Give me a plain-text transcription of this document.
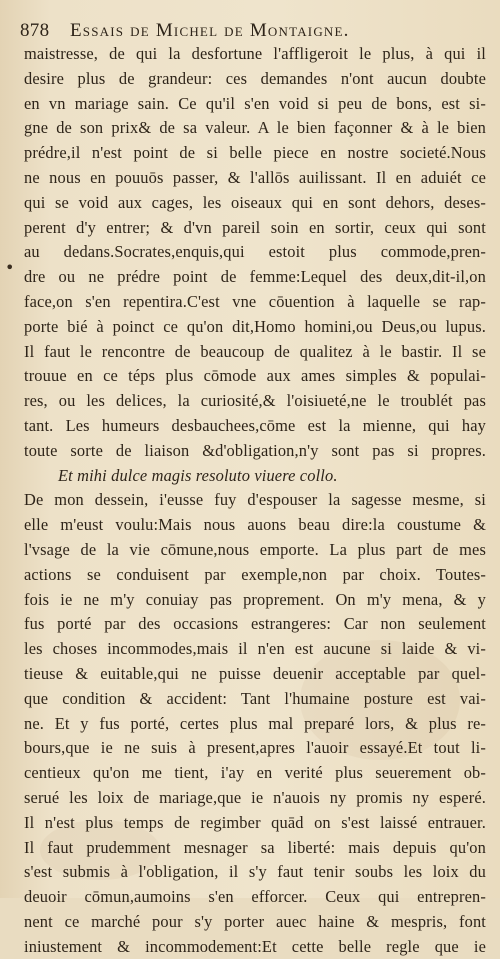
878 Essais de Michel de Montaigne.
•
maistresse, de qui la desfortune l'affligeroit le plus, à qui il
desire plus de grandeur: ces demandes n'ont aucun doubte
en vn mariage sain. Ce qu'il s'en void si peu de bons, est si-
gne de son prix& de sa valeur. A le bien façonner & à le bien
prédre,il n'est point de si belle piece en nostre societé.Nous
ne nous en pouuōs passer, & l'allōs auilissant. Il en aduiét ce
qui se void aux cages, les oiseaux qui en sont dehors, deses-
perent d'y entrer; & d'vn pareil soin en sortir, ceux qui sont
au dedans.Socrates,enquis,qui estoit plus commode,pren-
dre ou ne prédre point de femme:Lequel des deux,dit-il,on
face,on s'en repentira.C'est vne cōuention à laquelle se rap-
porte bié à poinct ce qu'on dit,Homo homini,ou Deus,ou lupus.
Il faut le rencontre de beaucoup de qualitez à le bastir. Il se
trouue en ce téps plus cōmode aux ames simples & populai-
res, ou les delices, la curiosité,& l'oisiueté,ne le troublét pas
tant. Les humeurs desbauchees,cōme est la mienne, qui hay
toute sorte de liaison &d'obligation,n'y sont pas si propres.
Et mihi dulce magis resoluto viuere collo.
De mon dessein, i'eusse fuy d'espouser la sagesse mesme, si
elle m'eust voulu:Mais nous auons beau dire:la coustume &
l'vsage de la vie cōmune,nous emporte. La plus part de mes
actions se conduisent par exemple,non par choix. Toutes-
fois ie ne m'y conuiay pas proprement. On m'y mena, & y
fus porté par des occasions estrangeres: Car non seulement
les choses incommodes,mais il n'en est aucune si laide & vi-
tieuse & euitable,qui ne puisse deuenir acceptable par quel-
que condition & accident: Tant l'humaine posture est vai-
ne. Et y fus porté, certes plus mal preparé lors, & plus re-
bours,que ie ne suis à present,apres l'auoir essayé.Et tout li-
centieux qu'on me tient, i'ay en verité plus seuerement ob-
serué les loix de mariage,que ie n'auois ny promis ny esperé.
Il n'est plus temps de regimber quād on s'est laissé entrauer.
Il faut prudemment mesnager sa liberté: mais depuis qu'on
s'est submis à l'obligation, il s'y faut tenir soubs les loix du
deuoir cōmun,aumoins s'en efforcer. Ceux qui entrepren-
nent ce marché pour s'y porter auec haine & mespris, font
iniustement & incommodement:Et cette belle regle que ie
